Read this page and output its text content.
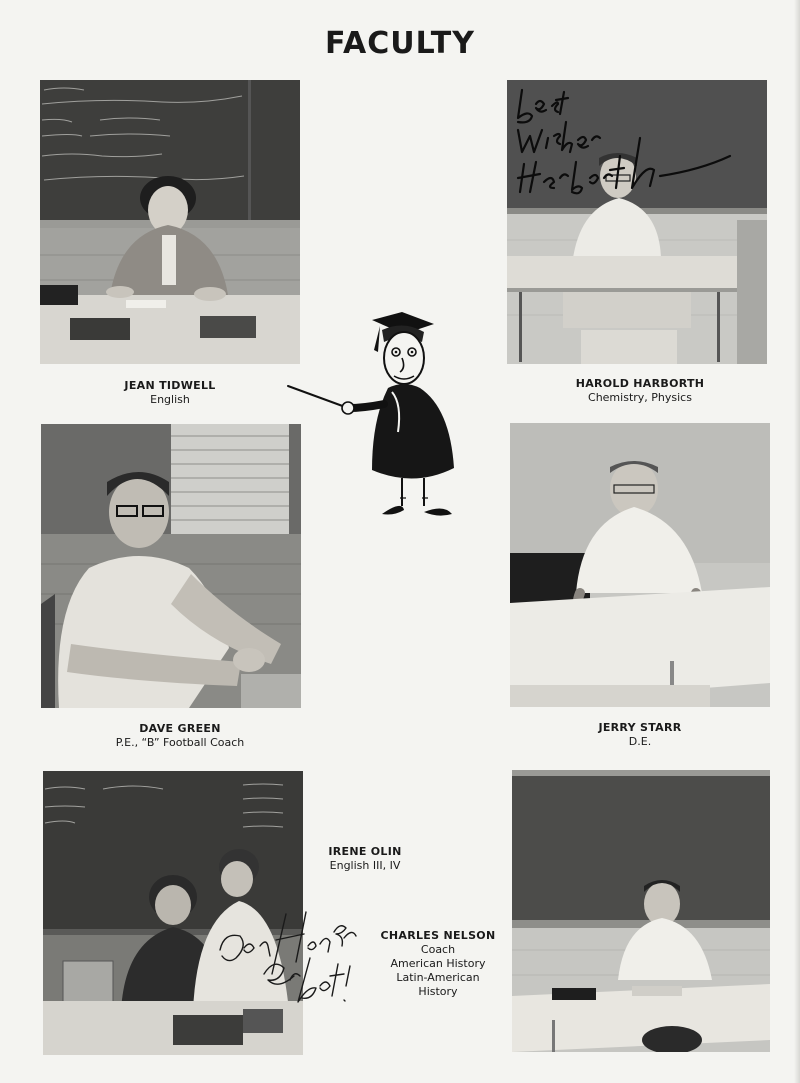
FACULTY
JEAN TIDWELL
English
HAROLD HARBORTH
Chemistry, Physics
DAVE GREEN
P.E., “B” Football Coach
JERRY STARR
D.E.
IRENE OLIN
English III, IV
CHARLES NELSON
Coach
American History
Latin-American
History
